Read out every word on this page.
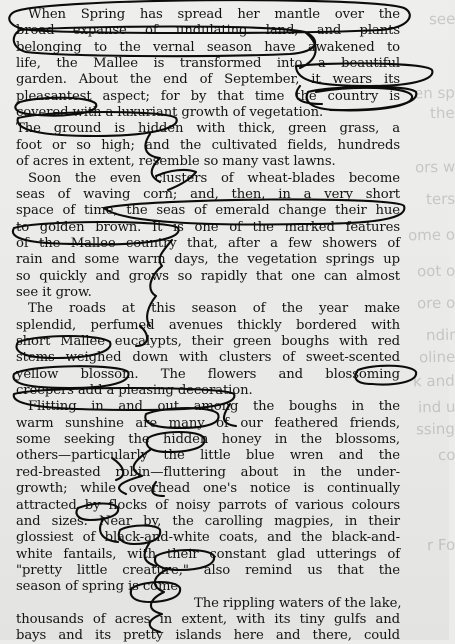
see
en sp
the
ors w
ters
ome o
oot o
ore o
ndir
oline
k and
ind u
ssing
co
r Fo
When Spring has spread her mantle over the
broad expanse of undulating land, and plants
belonging to the vernal season have awakened to
life, the Mallee is transformed into a beautiful
garden. About the end of September, it wears its
pleasantest aspect; for by that time the country is
covered with a luxuriant growth of vegetation.
The ground is hidden with thick, green grass, a
foot or so high; and the cultivated fields, hundreds
of acres in extent, resemble so many vast lawns.
Soon the even clusters of wheat-blades become
seas of waving corn; and, then, in a very short
space of time, the seas of emerald change their hue
to golden brown. It is one of the marked features
of the Mallee country that, after a few showers of
rain and some warm days, the vegetation springs up
so quickly and grows so rapidly that one can almost
see it grow.
The roads at this season of the year make
splendid, perfumed avenues thickly bordered with
short Mallee eucalypts, their green boughs with red
stems weighed down with clusters of sweet-scented
yellow blossom. The flowers and blossoming
creepers add a pleasing decoration.
Flitting in and out among the boughs in the
warm sunshine are many of our feathered friends,
some seeking the hidden honey in the blossoms,
others—particularly the little blue wren and the
red-breasted robin—fluttering about in the under-
growth; while overhead one's notice is continually
attracted by flocks of noisy parrots of various colours
and sizes. Near by, the carolling magpies, in their
glossiest of black-and-white coats, and the black-and-
white fantails, with their constant glad utterings of
"pretty little creature," also remind us that the
season of spring is come.
The rippling waters of the lake,
thousands of acres in extent, with its tiny gulfs and
bays and its pretty islands here and there, could
